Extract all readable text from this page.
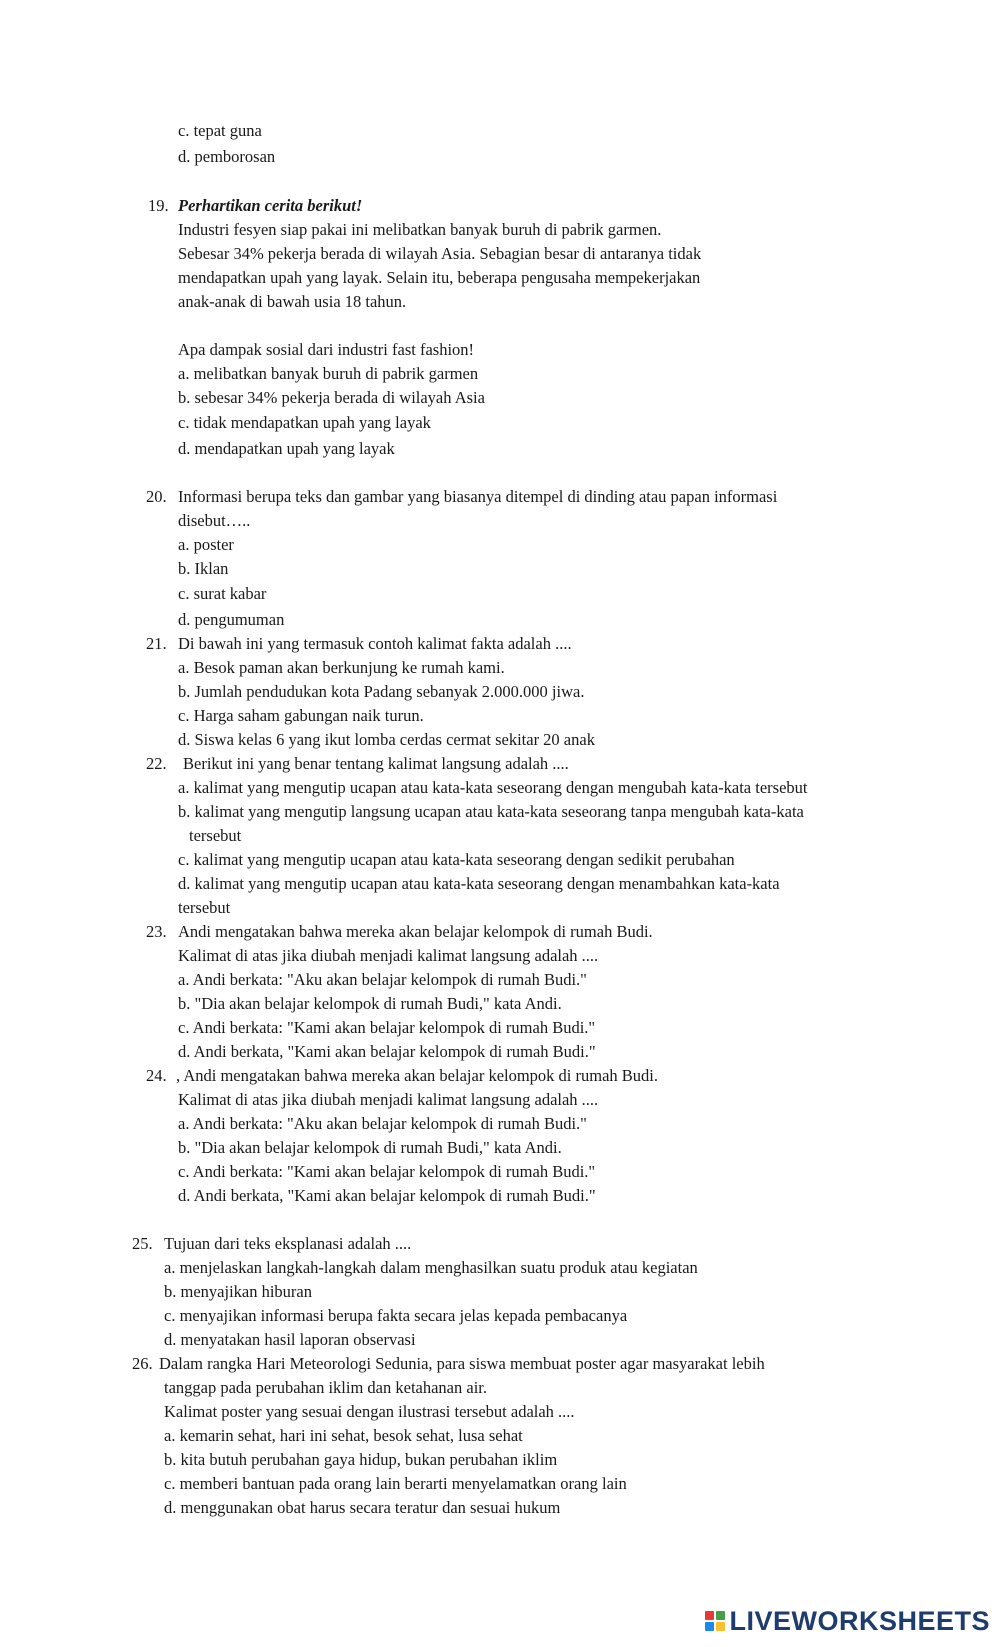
c. tepat guna
d. pemborosan
19. Perhartikan cerita berikut!
Industri fesyen siap pakai ini melibatkan banyak buruh di pabrik garmen.
Sebesar 34% pekerja berada di wilayah Asia. Sebagian besar di antaranya tidak
mendapatkan upah yang layak. Selain itu, beberapa pengusaha mempekerjakan
anak-anak di bawah usia 18 tahun.
Apa dampak sosial dari industri fast fashion!
a. melibatkan banyak buruh di pabrik garmen
b. sebesar 34% pekerja berada di wilayah Asia
c. tidak mendapatkan upah yang layak
d. mendapatkan upah yang layak
20. Informasi berupa teks dan gambar yang biasanya ditempel di dinding atau papan informasi
disebut…..
a. poster
b. Iklan
c. surat kabar
d. pengumuman
21. Di bawah ini yang termasuk contoh kalimat fakta adalah ....
a. Besok paman akan berkunjung ke rumah kami.
b. Jumlah pendudukan kota Padang sebanyak 2.000.000 jiwa.
c. Harga saham gabungan naik turun.
d. Siswa kelas 6 yang ikut lomba cerdas cermat sekitar 20 anak
22. Berikut ini yang benar tentang kalimat langsung adalah ....
a. kalimat yang mengutip ucapan atau kata-kata seseorang dengan mengubah kata-kata tersebut
b. kalimat yang mengutip langsung ucapan atau kata-kata seseorang tanpa mengubah kata-kata
tersebut
c. kalimat yang mengutip ucapan atau kata-kata seseorang dengan sedikit perubahan
d. kalimat yang mengutip ucapan atau kata-kata seseorang dengan menambahkan kata-kata
tersebut
23. Andi mengatakan bahwa mereka akan belajar kelompok di rumah Budi.
Kalimat di atas jika diubah menjadi kalimat langsung adalah ....
a. Andi berkata: "Aku akan belajar kelompok di rumah Budi."
b. "Dia akan belajar kelompok di rumah Budi," kata Andi.
c. Andi berkata: "Kami akan belajar kelompok di rumah Budi."
d. Andi berkata, "Kami akan belajar kelompok di rumah Budi."
24. , Andi mengatakan bahwa mereka akan belajar kelompok di rumah Budi.
Kalimat di atas jika diubah menjadi kalimat langsung adalah ....
a. Andi berkata: "Aku akan belajar kelompok di rumah Budi."
b. "Dia akan belajar kelompok di rumah Budi," kata Andi.
c. Andi berkata: "Kami akan belajar kelompok di rumah Budi."
d. Andi berkata, "Kami akan belajar kelompok di rumah Budi."
25. Tujuan dari teks eksplanasi adalah ....
a. menjelaskan langkah-langkah dalam menghasilkan suatu produk atau kegiatan
b. menyajikan hiburan
c. menyajikan informasi berupa fakta secara jelas kepada pembacanya
d. menyatakan hasil laporan observasi
26. Dalam rangka Hari Meteorologi Sedunia, para siswa membuat poster agar masyarakat lebih
tanggap pada perubahan iklim dan ketahanan air.
Kalimat poster yang sesuai dengan ilustrasi tersebut adalah ....
a. kemarin sehat, hari ini sehat, besok sehat, lusa sehat
b. kita butuh perubahan gaya hidup, bukan perubahan iklim
c. memberi bantuan pada orang lain berarti menyelamatkan orang lain
d. menggunakan obat harus secara teratur dan sesuai hukum
LIVEWORKSHEETS
